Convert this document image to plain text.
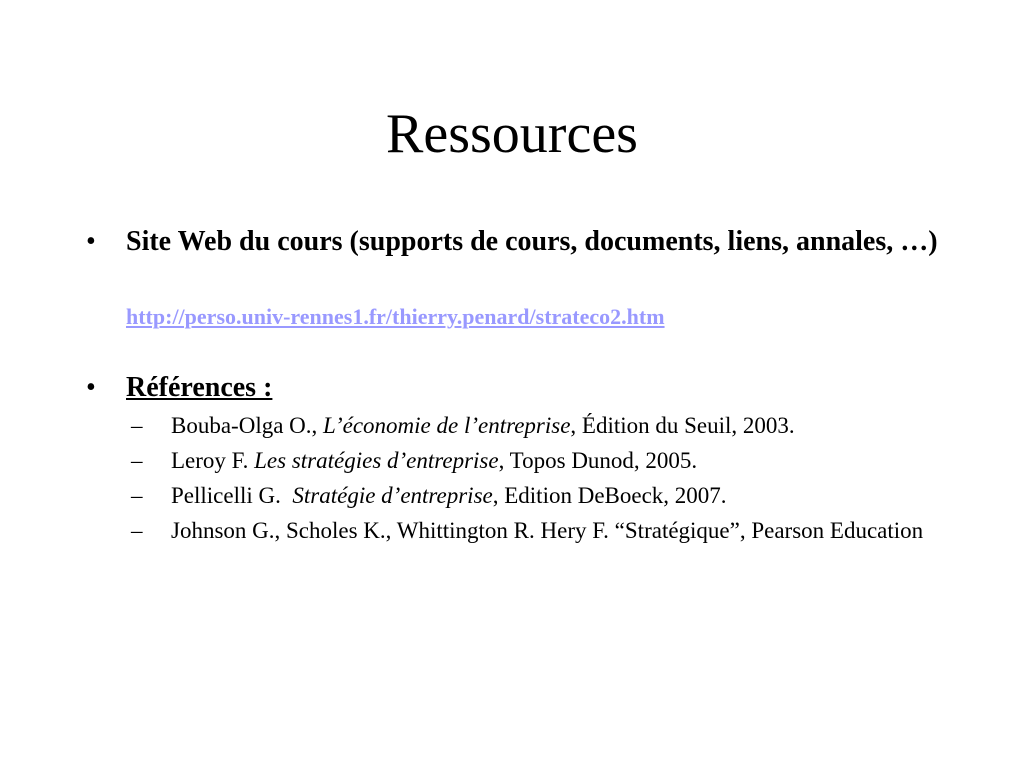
Ressources
• Site Web du cours (supports de cours, documents, liens, annales, …)
http://perso.univ-rennes1.fr/thierry.penard/strateco2.htm
• Références :
– Bouba-Olga O., L’économie de l’entreprise, Édition du Seuil, 2003.
– Leroy F. Les stratégies d’entreprise, Topos Dunod, 2005.
– Pellicelli G.  Stratégie d’entreprise, Edition DeBoeck, 2007.
– Johnson G., Scholes K., Whittington R. Hery F. “Stratégique”, Pearson Education
